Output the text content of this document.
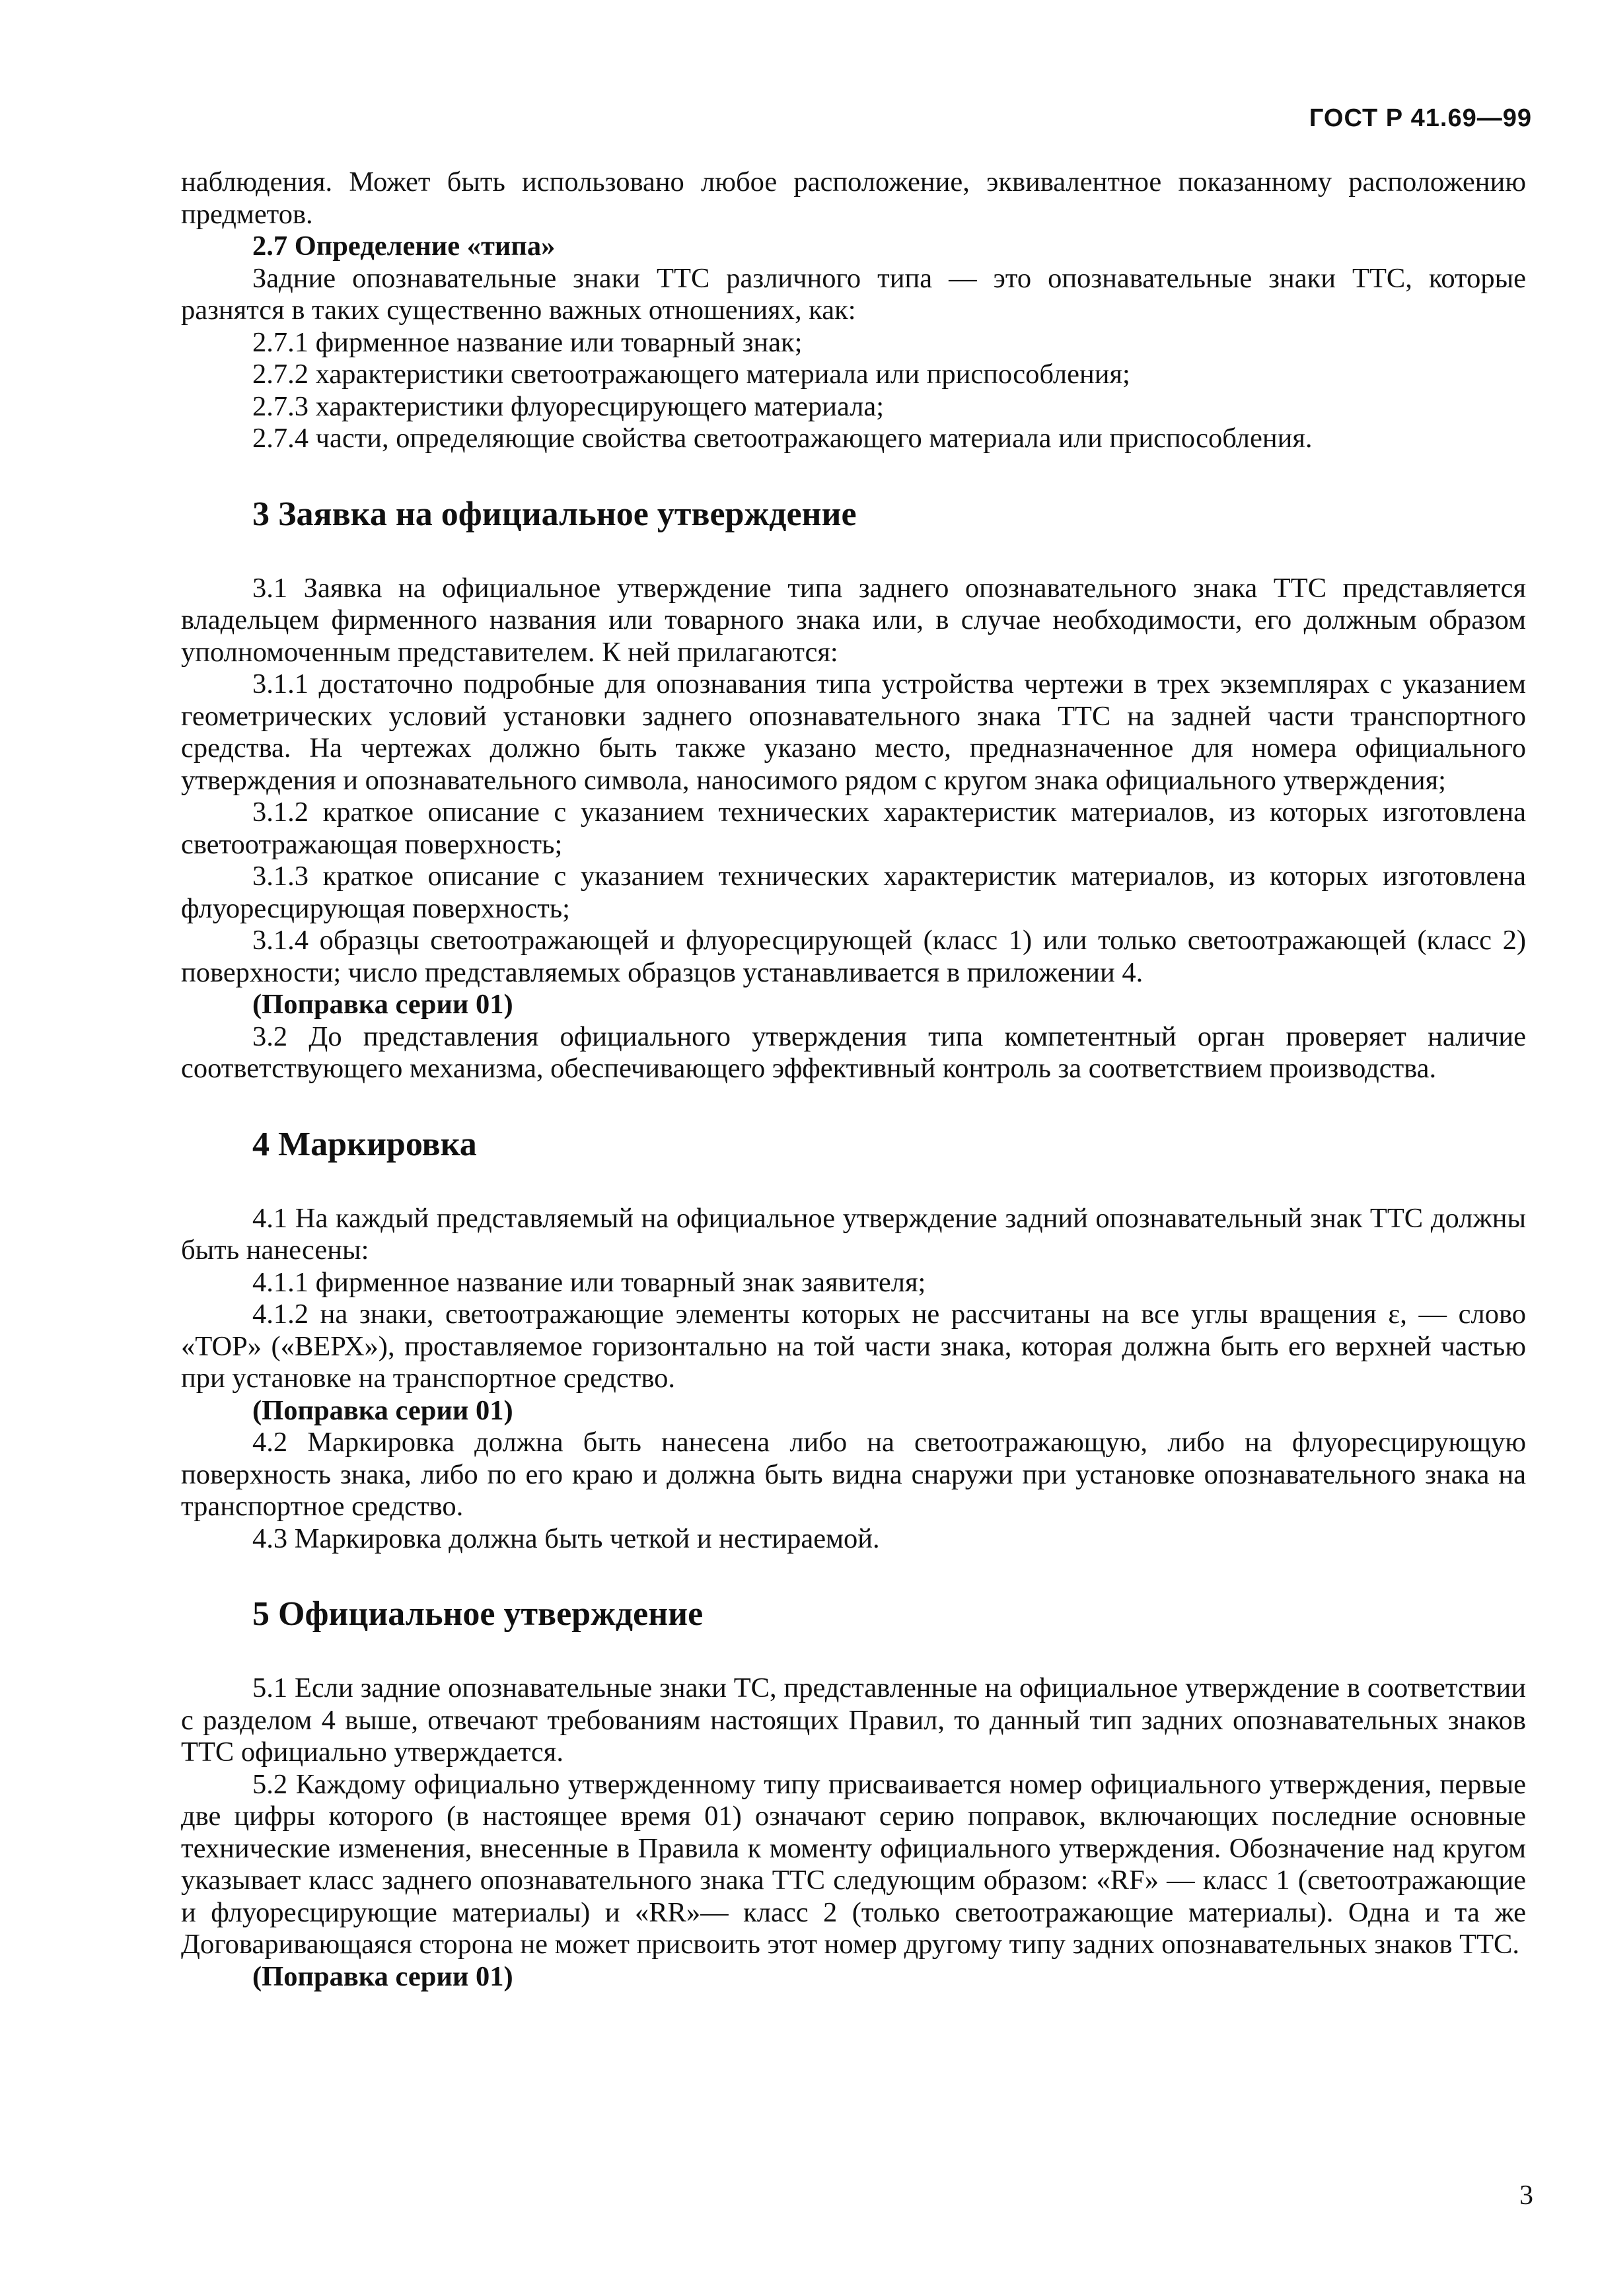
ГОСТ Р 41.69—99

наблюдения. Может быть использовано любое расположение, эквивалентное показанному расположению предметов.

2.7 Определение «типа»

Задние опознавательные знаки ТТС различного типа — это опознавательные знаки ТТС, которые разнятся в таких существенно важных отношениях, как:

2.7.1 фирменное название или товарный знак;

2.7.2 характеристики светоотражающего материала или приспособления;

2.7.3 характеристики флуоресцирующего материала;

2.7.4 части, определяющие свойства светоотражающего материала или приспособления.

3 Заявка на официальное утверждение

3.1 Заявка на официальное утверждение типа заднего опознавательного знака ТТС представляется владельцем фирменного названия или товарного знака или, в случае необходимости, его должным образом уполномоченным представителем. К ней прилагаются:

3.1.1 достаточно подробные для опознавания типа устройства чертежи в трех экземплярах с указанием геометрических условий установки заднего опознавательного знака ТТС на задней части транспортного средства. На чертежах должно быть также указано место, предназначенное для номера официального утверждения и опознавательного символа, наносимого рядом с кругом знака официального утверждения;

3.1.2 краткое описание с указанием технических характеристик материалов, из которых изготовлена светоотражающая поверхность;

3.1.3 краткое описание с указанием технических характеристик материалов, из которых изготовлена флуоресцирующая поверхность;

3.1.4 образцы светоотражающей и флуоресцирующей (класс 1) или только светоотражающей (класс 2) поверхности; число представляемых образцов устанавливается в приложении 4.

(Поправка серии 01)

3.2 До представления официального утверждения типа компетентный орган проверяет наличие соответствующего механизма, обеспечивающего эффективный контроль за соответствием производства.

4 Маркировка

4.1 На каждый представляемый на официальное утверждение задний опознавательный знак ТТС должны быть нанесены:

4.1.1 фирменное название или товарный знак заявителя;

4.1.2 на знаки, светоотражающие элементы которых не рассчитаны на все углы вращения ε, — слово «TOP» («ВЕРХ»), проставляемое горизонтально на той части знака, которая должна быть его верхней частью при установке на транспортное средство.

(Поправка серии 01)

4.2 Маркировка должна быть нанесена либо на светоотражающую, либо на флуоресцирующую поверхность знака, либо по его краю и должна быть видна снаружи при установке опознавательного знака на транспортное средство.

4.3 Маркировка должна быть четкой и нестираемой.

5 Официальное утверждение

5.1 Если задние опознавательные знаки ТС, представленные на официальное утверждение в соответствии с разделом 4 выше, отвечают требованиям настоящих Правил, то данный тип задних опознавательных знаков ТТС официально утверждается.

5.2 Каждому официально утвержденному типу присваивается номер официального утверждения, первые две цифры которого (в настоящее время 01) означают серию поправок, включающих последние основные технические изменения, внесенные в Правила к моменту официального утверждения. Обозначение над кругом указывает класс заднего опознавательного знака ТТС следующим образом: «RF» — класс 1 (светоотражающие и флуоресцирующие материалы) и «RR»— класс 2 (только светоотражающие материалы). Одна и та же Договаривающаяся сторона не может присвоить этот номер другому типу задних опознавательных знаков ТТС.

(Поправка серии 01)

3
